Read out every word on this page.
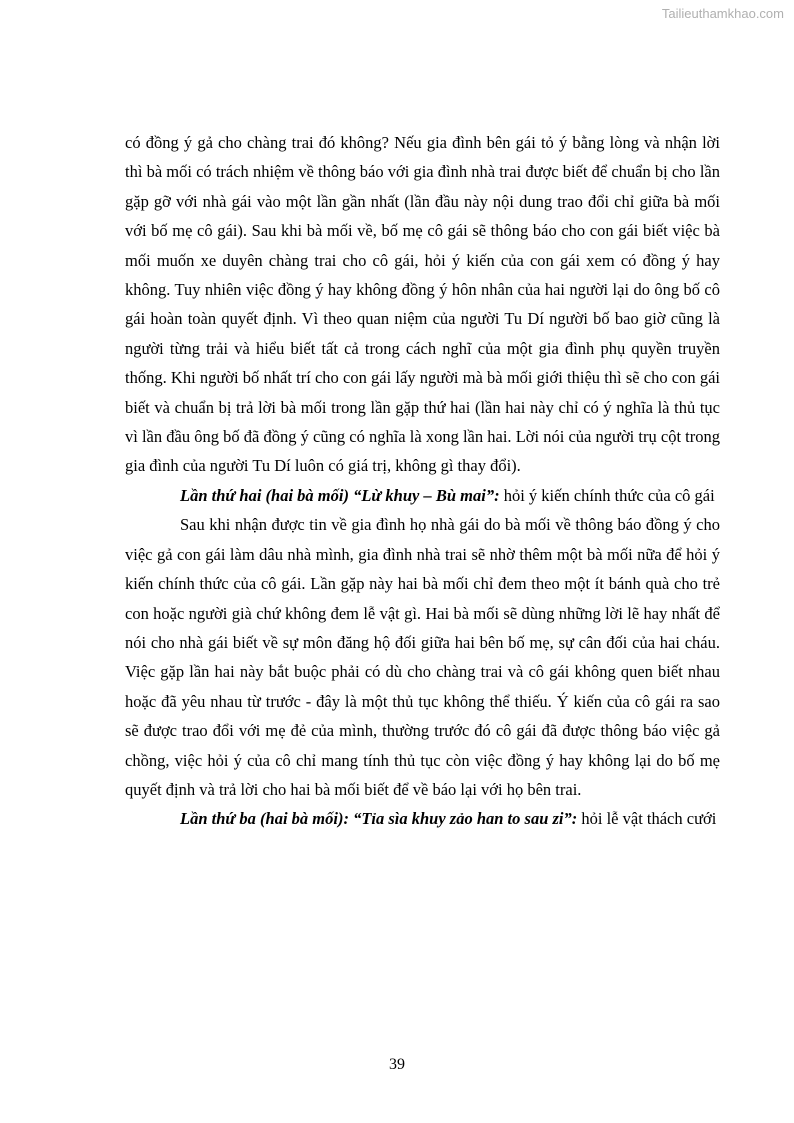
Tailieuthamkhao.com

có đồng ý gả cho chàng trai đó không? Nếu gia đình bên gái tỏ ý bằng lòng và nhận lời thì bà mối có trách nhiệm về thông báo với gia đình nhà trai được biết để chuẩn bị cho lần gặp gỡ với nhà gái vào một lần gần nhất (lần đầu này nội dung trao đổi chỉ giữa bà mối với bố mẹ cô gái). Sau khi bà mối về, bố mẹ cô gái sẽ thông báo cho con gái biết việc bà mối muốn xe duyên chàng trai cho cô gái, hỏi ý kiến của con gái xem có đồng ý hay không. Tuy nhiên việc đồng ý hay không đồng ý hôn nhân của hai người lại do ông bố cô gái hoàn toàn quyết định. Vì theo quan niệm của người Tu Dí người bố bao giờ cũng là người từng trải và hiểu biết tất cả trong cách nghĩ của một gia đình phụ quyền truyền thống. Khi người bố nhất trí cho con gái lấy người mà bà mối giới thiệu thì sẽ cho con gái biết và chuẩn bị trả lời bà mối trong lần gặp thứ hai (lần hai này chỉ có ý nghĩa là thủ tục vì lần đầu ông bố đã đồng ý cũng có nghĩa là xong lần hai. Lời nói của người trụ cột trong gia đình của người Tu Dí luôn có giá trị, không gì thay đổi).

Lần thứ hai (hai bà mối) “Lừ khuy – Bù mai”: hỏi ý kiến chính thức của cô gái

Sau khi nhận được tin về gia đình họ nhà gái do bà mối về thông báo đồng ý cho việc gả con gái làm dâu nhà mình, gia đình nhà trai sẽ nhờ thêm một bà mối nữa để hỏi ý kiến chính thức của cô gái. Lần gặp này hai bà mối chỉ đem theo một ít bánh quà cho trẻ con hoặc người già chứ không đem lễ vật gì. Hai bà mối sẽ dùng những lời lẽ hay nhất để nói cho nhà gái biết về sự môn đăng hộ đối giữa hai bên bố mẹ, sự cân đối của hai cháu. Việc gặp lần hai này bắt buộc phải có dù cho chàng trai và cô gái không quen biết nhau hoặc đã yêu nhau từ trước - đây là một thủ tục không thể thiếu. Ý kiến của cô gái ra sao sẽ được trao đổi với mẹ đẻ của mình, thường trước đó cô gái đã được thông báo việc gả chồng, việc hỏi ý của cô chỉ mang tính thủ tục còn việc đồng ý hay không lại do bố mẹ quyết định và trả lời cho hai bà mối biết để về báo lại với họ bên trai.

Lần thứ ba (hai bà mối): “Tỉa sìa khuy zảo han to sau zi”: hỏi lễ vật thách cưới

39
